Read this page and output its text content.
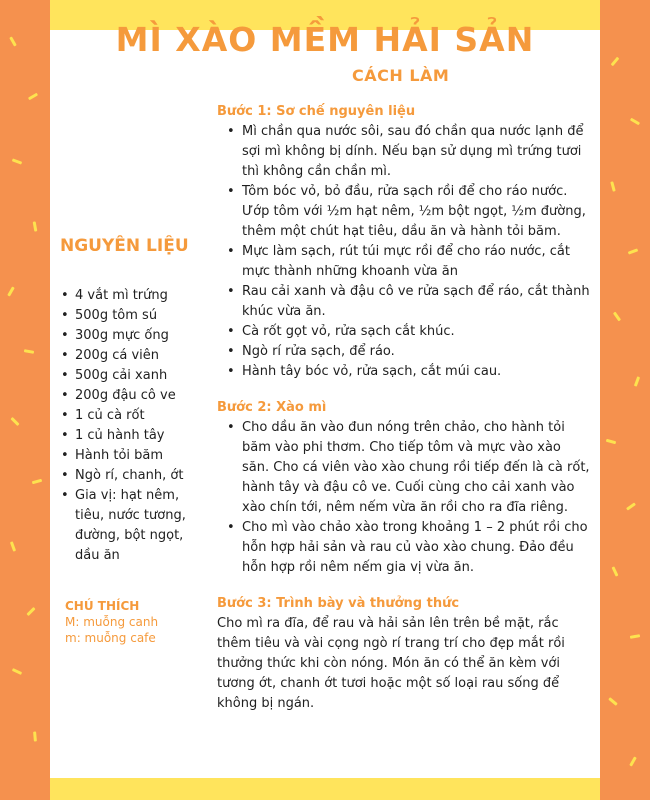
MÌ XÀO MỀM HẢI SẢN
CÁCH LÀM
NGUYÊN LIỆU
• 4 vắt mì trứng
• 500g tôm sú
• 300g mực ống
• 200g cá viên
• 500g cải xanh
• 200g đậu cô ve
• 1 củ cà rốt
• 1 củ hành tây
• Hành tỏi băm
• Ngò rí, chanh, ớt
• Gia vị: hạt nêm, tiêu, nước tương, đường, bột ngọt, dầu ăn
CHÚ THÍCH
M: muỗng canh
m: muỗng cafe
Bước 1: Sơ chế nguyên liệu
• Mì chần qua nước sôi, sau đó chần qua nước lạnh để sợi mì không bị dính. Nếu bạn sử dụng mì trứng tươi thì không cần chần mì.
• Tôm bóc vỏ, bỏ đầu, rửa sạch rồi để cho ráo nước. Ướp tôm với ½m hạt nêm, ½m bột ngọt, ½m đường, thêm một chút hạt tiêu, dầu ăn và hành tỏi băm.
• Mực làm sạch, rút túi mực rồi để cho ráo nước, cắt mực thành những khoanh vừa ăn
• Rau cải xanh và đậu cô ve rửa sạch để ráo, cắt thành khúc vừa ăn.
• Cà rốt gọt vỏ, rửa sạch cắt khúc.
• Ngò rí rửa sạch, để ráo.
• Hành tây bóc vỏ, rửa sạch, cắt múi cau.
Bước 2: Xào mì
• Cho dầu ăn vào đun nóng trên chảo, cho hành tỏi băm vào phi thơm. Cho tiếp tôm và mực vào xào săn. Cho cá viên vào xào chung rồi tiếp đến là cà rốt, hành tây và đậu cô ve. Cuối cùng cho cải xanh vào xào chín tới, nêm nếm vừa ăn rồi cho ra đĩa riêng.
• Cho mì vào chảo xào trong khoảng 1 – 2 phút rồi cho hỗn hợp hải sản và rau củ vào xào chung. Đảo đều hỗn hợp rồi nêm nếm gia vị vừa ăn.
Bước 3: Trình bày và thưởng thức

Cho mì ra đĩa, để rau và hải sản lên trên bề mặt, rắc thêm tiêu và vài cọng ngò rí trang trí cho đẹp mắt rồi thưởng thức khi còn nóng. Món ăn có thể ăn kèm với tương ớt, chanh ớt tươi hoặc một số loại rau sống để không bị ngán.
